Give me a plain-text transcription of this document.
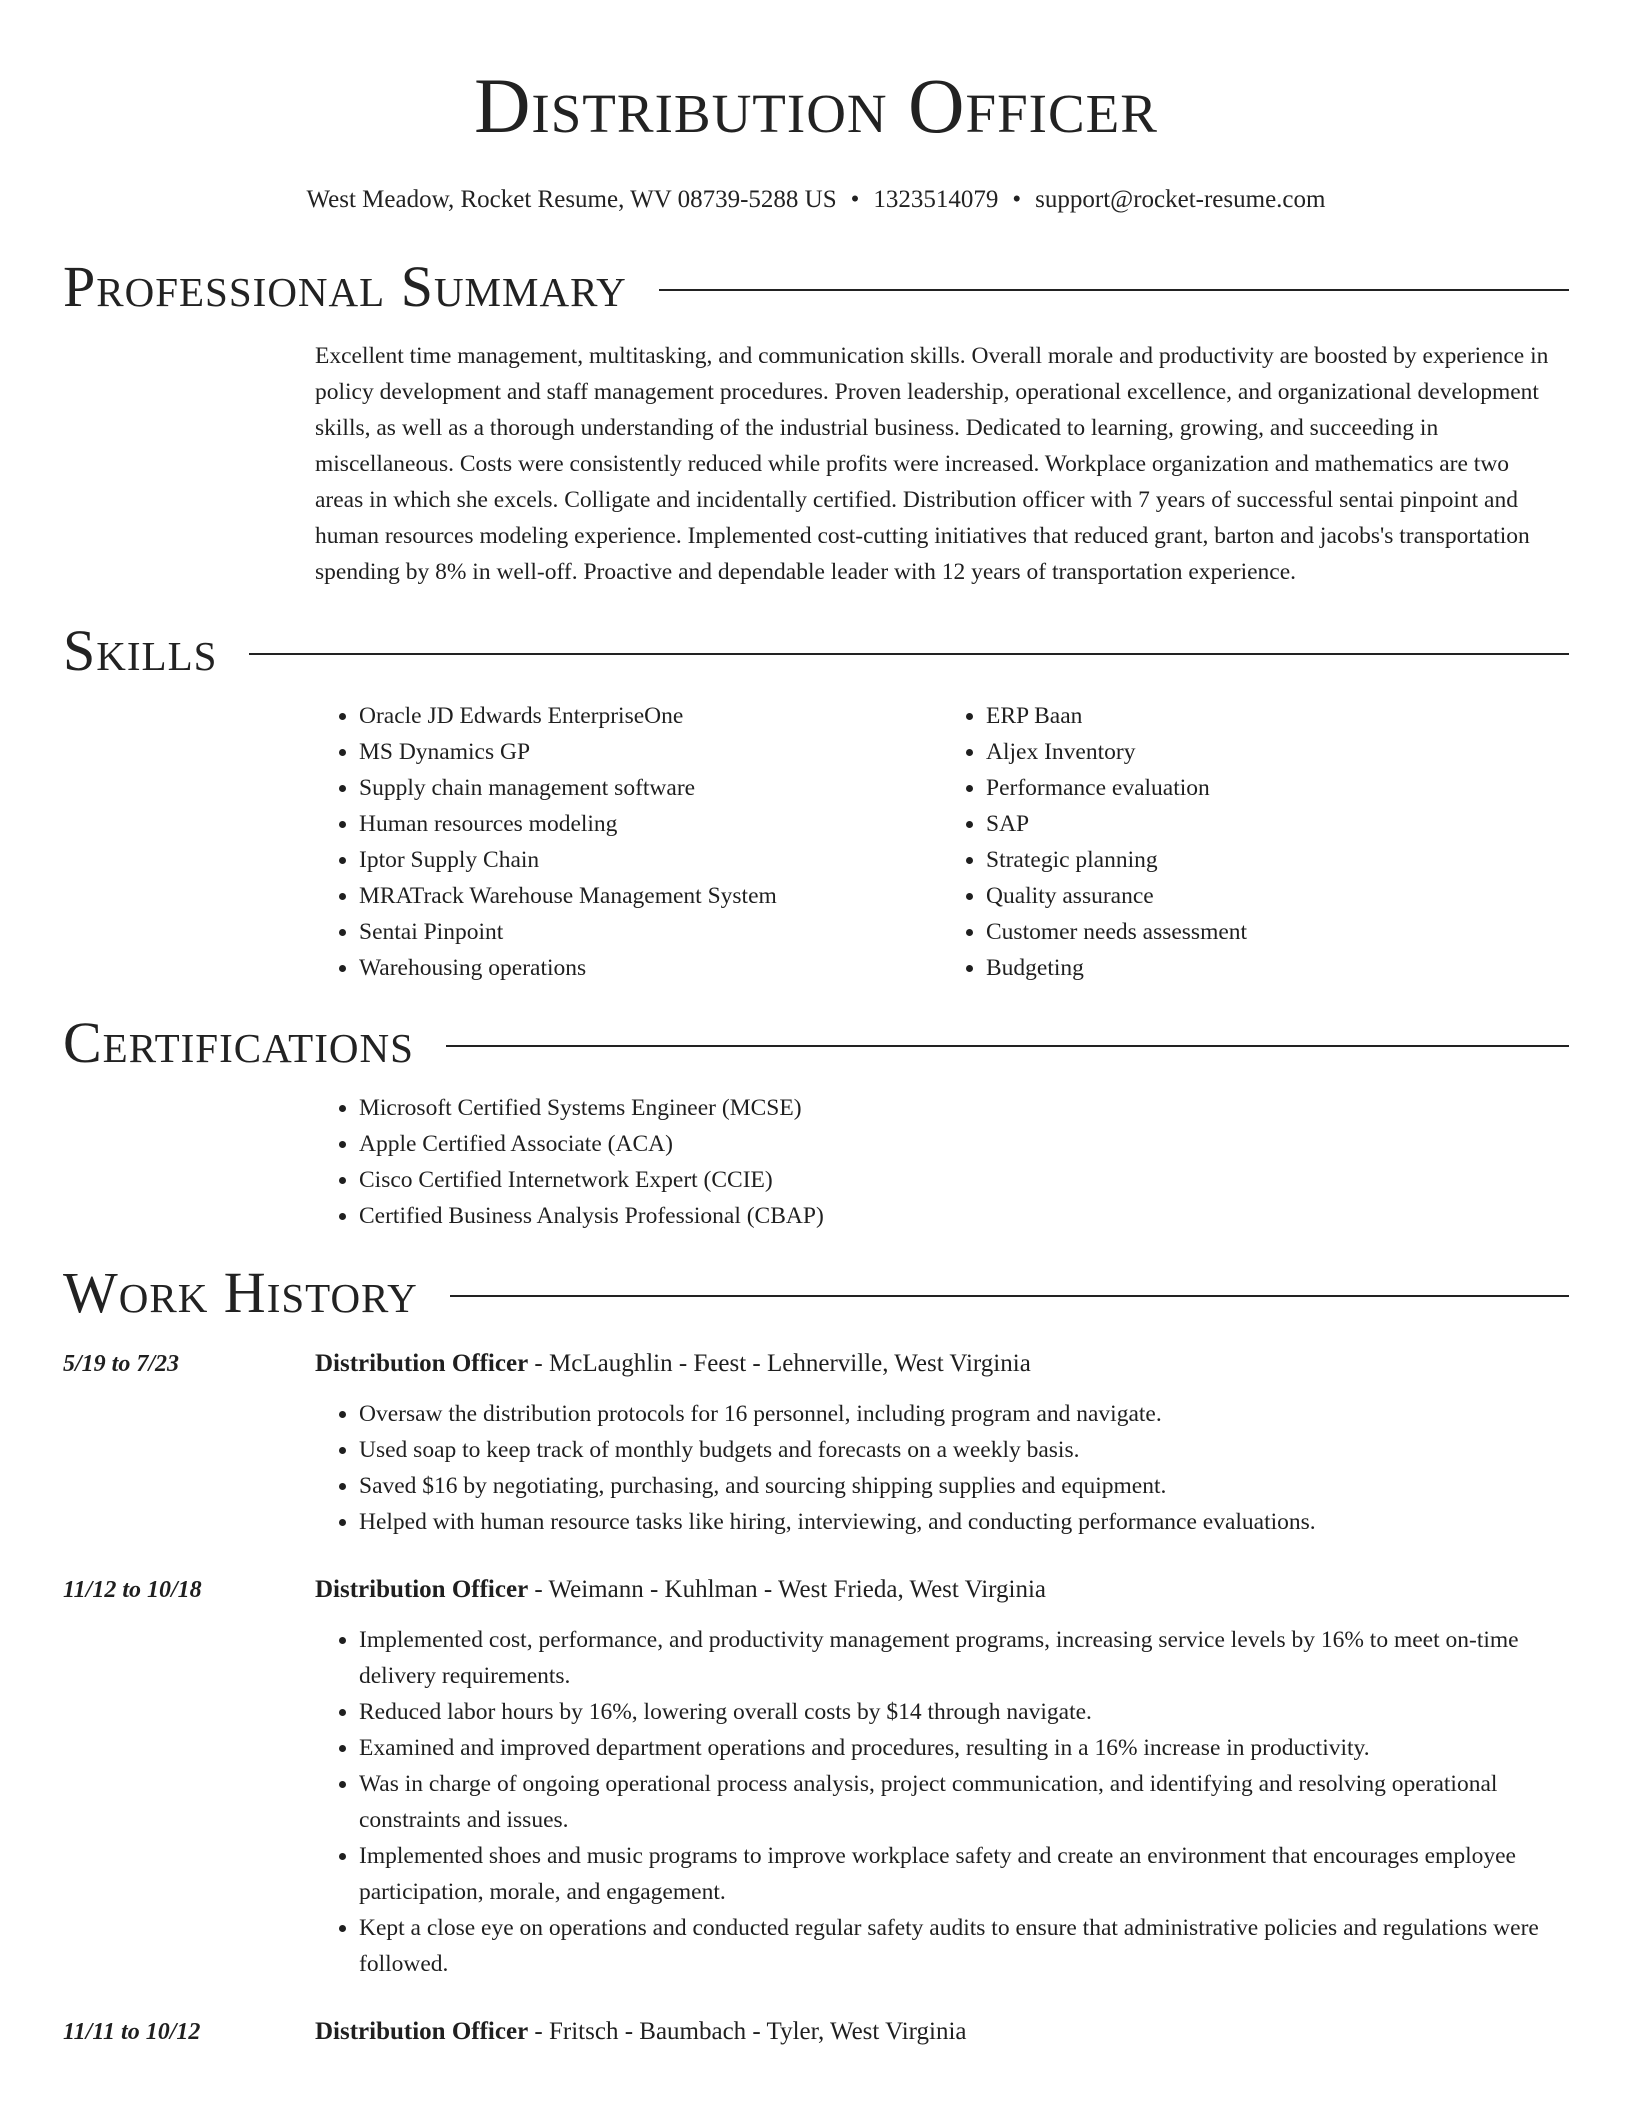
Distribution Officer
West Meadow, Rocket Resume, WV 08739-5288 US • 1323514079 • support@rocket-resume.com
Professional Summary

Excellent time management, multitasking, and communication skills. Overall morale and productivity are boosted by experience in policy development and staff management procedures. Proven leadership, operational excellence, and organizational development skills, as well as a thorough understanding of the industrial business. Dedicated to learning, growing, and succeeding in miscellaneous. Costs were consistently reduced while profits were increased. Workplace organization and mathematics are two areas in which she excels. Colligate and incidentally certified. Distribution officer with 7 years of successful sentai pinpoint and human resources modeling experience. Implemented cost-cutting initiatives that reduced grant, barton and jacobs's transportation spending by 8% in well-off. Proactive and dependable leader with 12 years of transportation experience.

Skills
• Oracle JD Edwards EnterpriseOne
• MS Dynamics GP
• Supply chain management software
• Human resources modeling
• Iptor Supply Chain
• MRATrack Warehouse Management System
• Sentai Pinpoint
• Warehousing operations
• ERP Baan
• Aljex Inventory
• Performance evaluation
• SAP
• Strategic planning
• Quality assurance
• Customer needs assessment
• Budgeting
Certifications
• Microsoft Certified Systems Engineer (MCSE)
• Apple Certified Associate (ACA)
• Cisco Certified Internetwork Expert (CCIE)
• Certified Business Analysis Professional (CBAP)
Work History
5/19 to 7/23	Distribution Officer - McLaughlin - Feest - Lehnerville, West Virginia
• Oversaw the distribution protocols for 16 personnel, including program and navigate.
• Used soap to keep track of monthly budgets and forecasts on a weekly basis.
• Saved $16 by negotiating, purchasing, and sourcing shipping supplies and equipment.
• Helped with human resource tasks like hiring, interviewing, and conducting performance evaluations.
11/12 to 10/18	Distribution Officer - Weimann - Kuhlman - West Frieda, West Virginia
• Implemented cost, performance, and productivity management programs, increasing service levels by 16% to meet on-time delivery requirements.
• Reduced labor hours by 16%, lowering overall costs by $14 through navigate.
• Examined and improved department operations and procedures, resulting in a 16% increase in productivity.
• Was in charge of ongoing operational process analysis, project communication, and identifying and resolving operational constraints and issues.
• Implemented shoes and music programs to improve workplace safety and create an environment that encourages employee participation, morale, and engagement.
• Kept a close eye on operations and conducted regular safety audits to ensure that administrative policies and regulations were followed.
11/11 to 10/12	Distribution Officer - Fritsch - Baumbach - Tyler, West Virginia
